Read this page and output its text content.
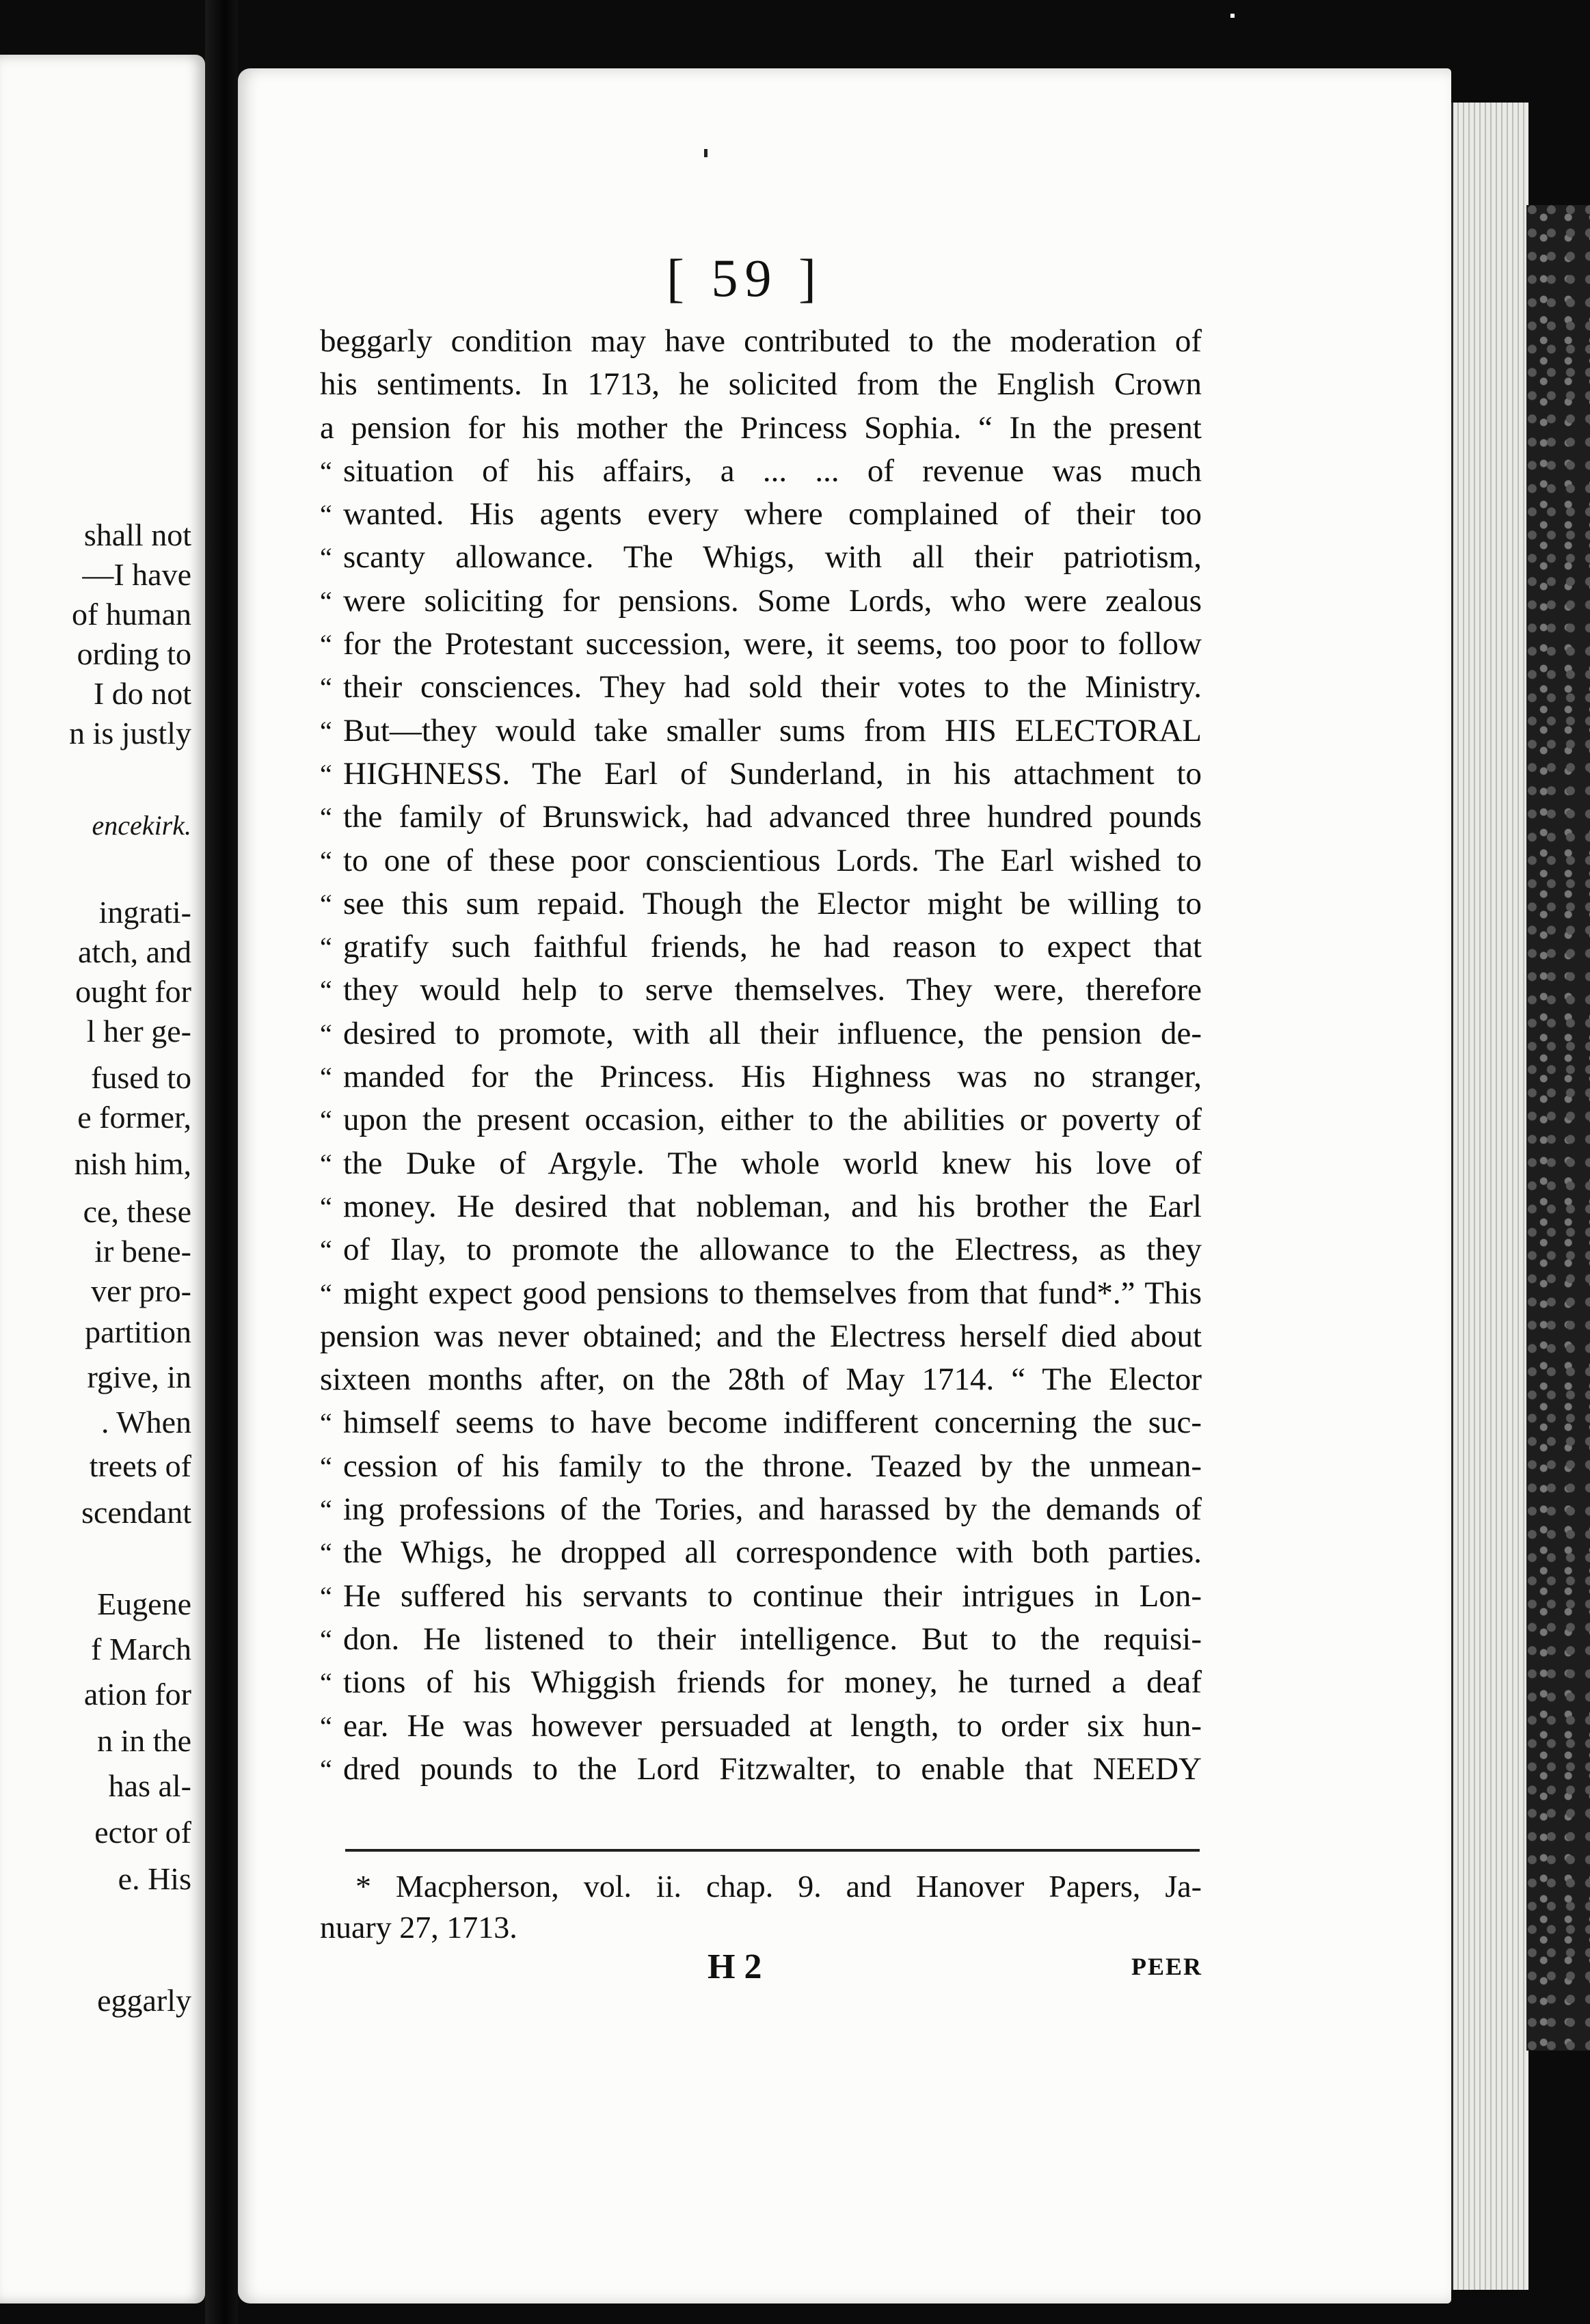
shall not
—I have
of human
ording to
I do not
n is justly
encekirk.
ingrati-
atch, and
ought for
l her ge-
fused to
e former,
nish him,
ce, these
ir bene-
ver pro-
partition
rgive, in
. When
treets of
scendant
Eugene
f March
ation for
n in the
has al-
ector of
e. His
eggarly
[ 59 ]
beggarly condition may have contributed to the moderation of
his sentiments. In 1713, he solicited from the English Crown
a pension for his mother the Princess Sophia. “ In the present
“ situation of his affairs, a ... ... of revenue was much
“ wanted. His agents every where complained of their too
“ scanty allowance. The Whigs, with all their patriotism,
“ were soliciting for pensions. Some Lords, who were zealous
“ for the Protestant succession, were, it seems, too poor to follow
“ their consciences. They had sold their votes to the Ministry.
“ But—they would take smaller sums from HIS ELECTORAL
“ HIGHNESS. The Earl of Sunderland, in his attachment to
“ the family of Brunswick, had advanced three hundred pounds
“ to one of these poor conscientious Lords. The Earl wished to
“ see this sum repaid. Though the Elector might be willing to
“ gratify such faithful friends, he had reason to expect that
“ they would help to serve themselves. They were, therefore
“ desired to promote, with all their influence, the pension de-
“ manded for the Princess. His Highness was no stranger,
“ upon the present occasion, either to the abilities or poverty of
“ the Duke of Argyle. The whole world knew his love of
“ money. He desired that nobleman, and his brother the Earl
“ of Ilay, to promote the allowance to the Electress, as they
“ might expect good pensions to themselves from that fund*.” This
pension was never obtained; and the Electress herself died about
sixteen months after, on the 28th of May 1714. “ The Elector
“ himself seems to have become indifferent concerning the suc-
“ cession of his family to the throne. Teazed by the unmean-
“ ing professions of the Tories, and harassed by the demands of
“ the Whigs, he dropped all correspondence with both parties.
“ He suffered his servants to continue their intrigues in Lon-
“ don. He listened to their intelligence. But to the requisi-
“ tions of his Whiggish friends for money, he turned a deaf
“ ear. He was however persuaded at length, to order six hun-
“ dred pounds to the Lord Fitzwalter, to enable that NEEDY
* Macpherson, vol. ii. chap. 9. and Hanover Papers, Ja-
nuary 27, 1713.
H 2	PEER
